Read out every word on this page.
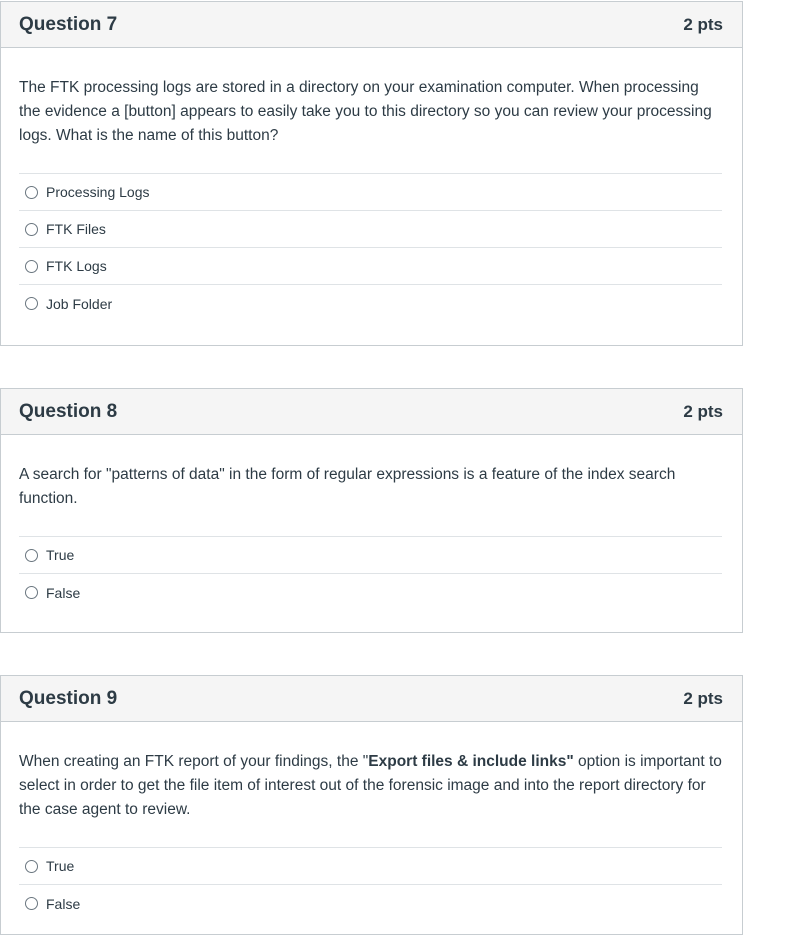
Question 7	2 pts

The FTK processing logs are stored in a directory on your examination computer. When processing the evidence a [button] appears to easily take you to this directory so you can review your processing logs. What is the name of this button?

Processing Logs
FTK Files
FTK Logs
Job Folder
Question 8	2 pts

A search for "patterns of data" in the form of regular expressions is a feature of the index search function.

True
False
Question 9	2 pts

When creating an FTK report of your findings, the "Export files & include links" option is important to select in order to get the file item of interest out of the forensic image and into the report directory for the case agent to review.

True
False
